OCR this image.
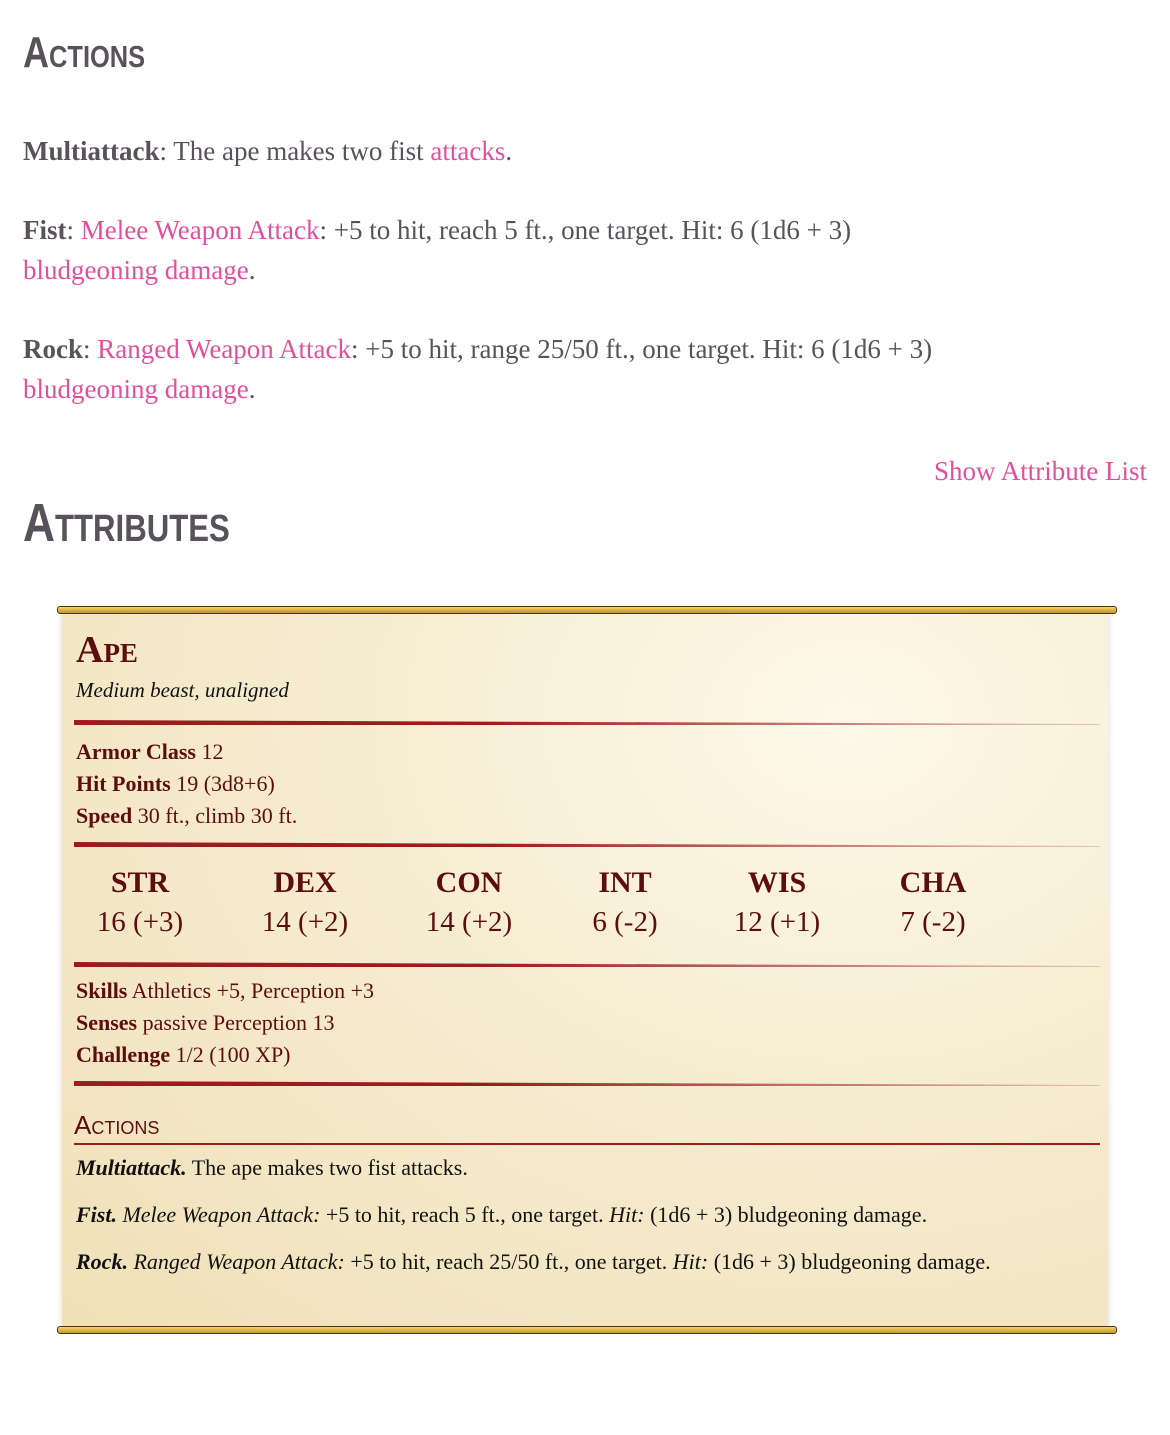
Actions

Multiattack: The ape makes two fist attacks.

Fist: Melee Weapon Attack: +5 to hit, reach 5 ft., one target. Hit: 6 (1d6 + 3) bludgeoning damage.

Rock: Ranged Weapon Attack: +5 to hit, range 25/50 ft., one target. Hit: 6 (1d6 + 3) bludgeoning damage.

Show Attribute List
Attributes
Ape
Medium beast, unaligned
Armor Class 12
Hit Points 19 (3d8+6)
Speed 30 ft., climb 30 ft.
STR
16 (+3)
DEX
14 (+2)
CON
14 (+2)
INT
6 (-2)
WIS
12 (+1)
CHA
7 (-2)
Skills Athletics +5, Perception +3
Senses passive Perception 13
Challenge 1/2 (100 XP)
Actions
Multiattack. The ape makes two fist attacks.
Fist. Melee Weapon Attack: +5 to hit, reach 5 ft., one target. Hit: (1d6 + 3) bludgeoning damage.
Rock. Ranged Weapon Attack: +5 to hit, reach 25/50 ft., one target. Hit: (1d6 + 3) bludgeoning damage.
